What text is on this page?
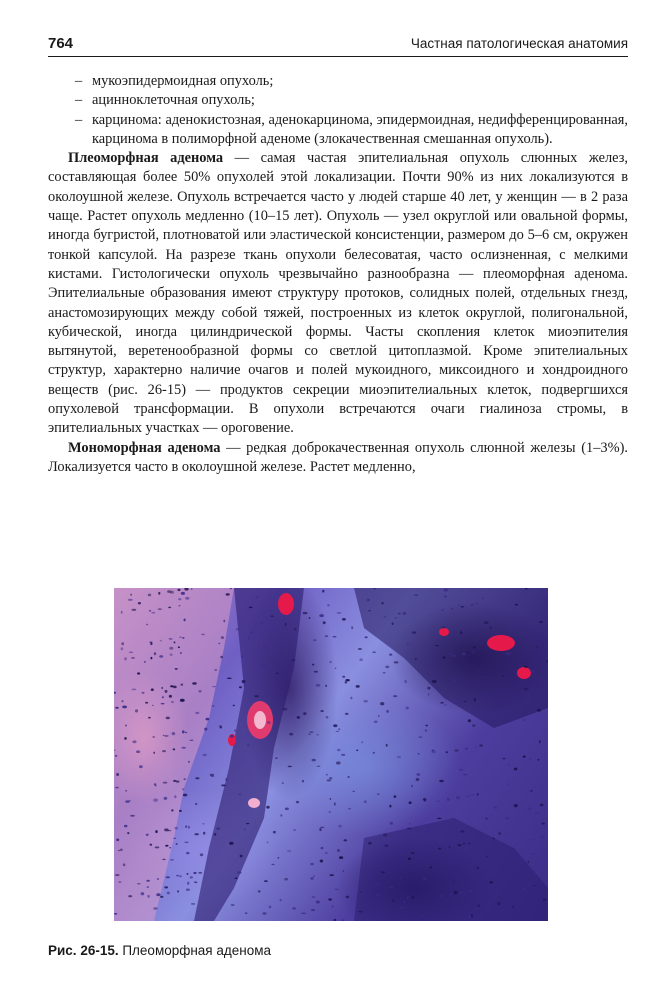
764	Частная патологическая анатомия
– мукоэпидермоидная опухоль;
– ацинноклеточная опухоль;
– карцинома: аденокистозная, аденокарцинома, эпидермоидная, недифференцированная, карцинома в полиморфной аденоме (злокачественная смешанная опухоль).

Плеоморфная аденома — самая частая эпителиальная опухоль слюнных желез, составляющая более 50% опухолей этой локализации. Почти 90% из них локализуются в околоушной железе. Опухоль встречается часто у людей старше 40 лет, у женщин — в 2 раза чаще. Растет опухоль медленно (10–15 лет). Опухоль — узел округлой или овальной формы, иногда бугристой, плотноватой или эластической консистенции, размером до 5–6 см, окружен тонкой капсулой. На разрезе ткань опухоли белесоватая, часто ослизненная, с мелкими кистами. Гистологически опухоль чрезвычайно разнообразна — плеоморфная аденома. Эпителиальные образования имеют структуру протоков, солидных полей, отдельных гнезд, анастомозирующих между собой тяжей, построенных из клеток округлой, полигональной, кубической, иногда цилиндрической формы. Часты скопления клеток миоэпителия вытянутой, веретенообразной формы со светлой цитоплазмой. Кроме эпителиальных структур, характерно наличие очагов и полей мукоидного, миксоидного и хондроидного веществ (рис. 26-15) — продуктов секреции миоэпителиальных клеток, подвергшихся опухолевой трансформации. В опухоли встречаются очаги гиалиноза стромы, в эпителиальных участках — ороговение.

Мономорфная аденома — редкая доброкачественная опухоль слюнной железы (1–3%). Локализуется часто в околоушной железе. Растет медленно,

Рис. 26-15. Плеоморфная аденома
